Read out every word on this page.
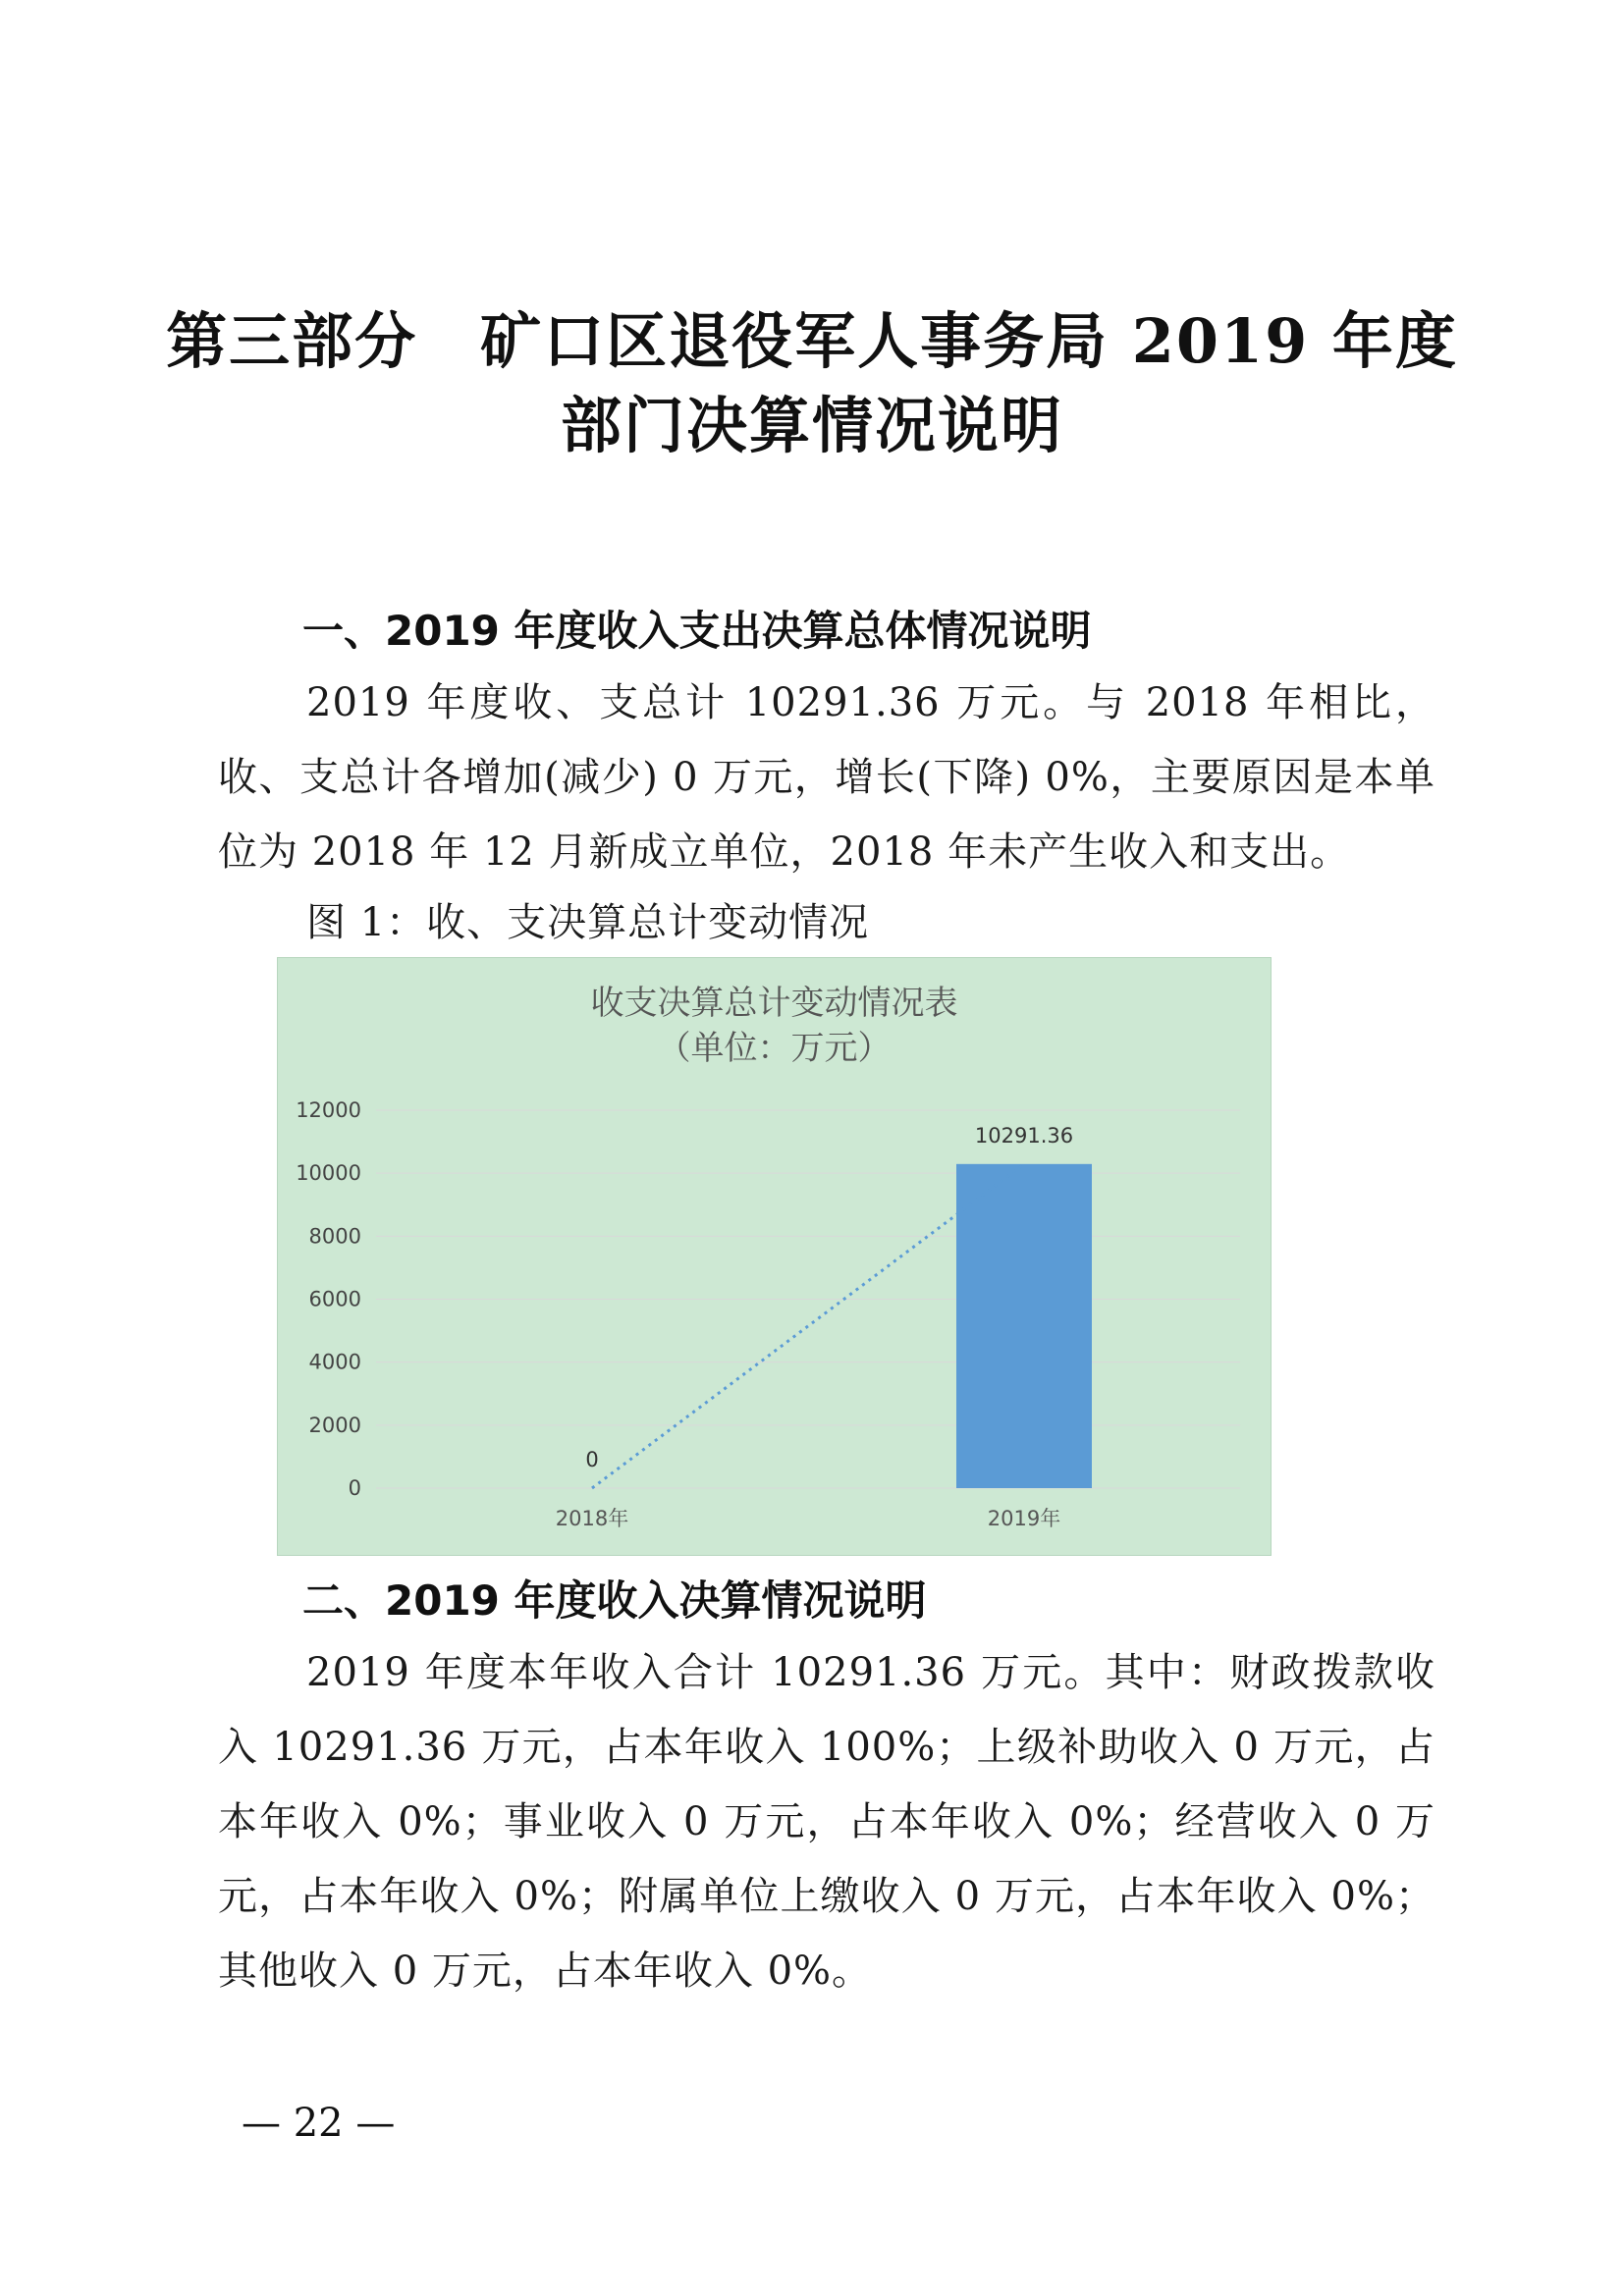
第三部分　矿口区退役军人事务局 2019 年度
部门决算情况说明
一、2019 年度收入支出决算总体情况说明
2019 年度收、支总计 10291.36 万元。与 2018 年相比，收、支总计各增加(减少) 0 万元，增长(下降) 0%，主要原因是本单位为 2018 年 12 月新成立单位，2018 年未产生收入和支出。
图 1：收、支决算总计变动情况
收支决算总计变动情况表
（单位：万元）
0
2000
4000
6000
8000
10000
12000
0
10291.36
2018年	2019年
二、2019 年度收入决算情况说明
2019 年度本年收入合计 10291.36 万元。其中：财政拨款收入 10291.36 万元，占本年收入 100%；上级补助收入 0 万元，占本年收入 0%；事业收入 0 万元，占本年收入 0%；经营收入 0 万元，占本年收入 0%；附属单位上缴收入 0 万元，占本年收入 0%；其他收入 0 万元，占本年收入 0%。
— 22 —
